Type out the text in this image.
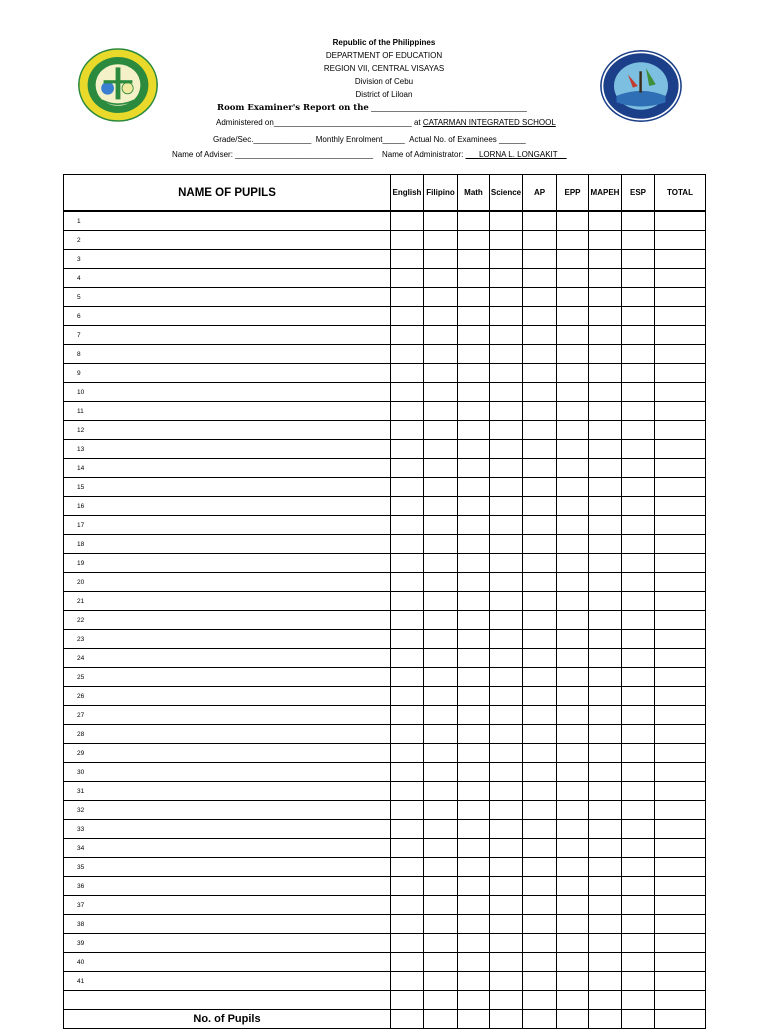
Republic of the Philippines
DEPARTMENT OF EDUCATION
REGION VII, CENTRAL VISAYAS
Division of Cebu
District of Liloan
Room Examiner's Report on the ___________________________________
Administered on_______________________________ at CATARMAN INTEGRATED SCHOOL
Grade/Sec._____________ Monthly Enrolment_____ Actual No. of Examinees ______
Name of Adviser: _______________________________ Name of Administrator: ___LORNA L. LONGAKIT__
NAME OF PUPILS	English	Filipino	Math	Science	AP	EPP	MAPEH	ESP	TOTAL
1									
2									
3									
4									
5									
6									
7									
8									
9									
10									
11									
12									
13									
14									
15									
16									
17									
18									
19									
20									
21									
22									
23									
24									
25									
26									
27									
28									
29									
30									
31									
32									
33									
34									
35									
36									
37									
38									
39									
40									
41									

No. of Pupils									
